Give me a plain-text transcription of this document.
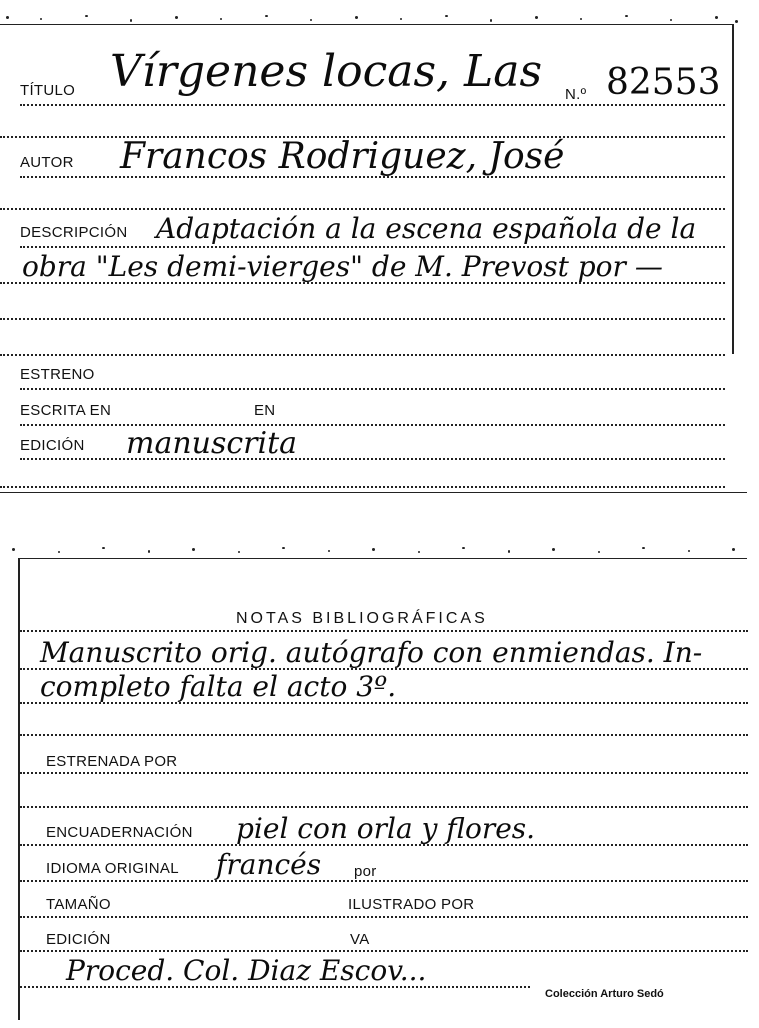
TÍTULO Vírgenes locas, Las N.º 82553
AUTOR Francos Rodriguez, José
DESCRIPCIÓN Adaptación a la escena española de la
obra "Les demi-vierges" de M. Prevost por —
ESTRENO
ESCRITA EN	EN
EDICIÓN manuscrita
NOTAS BIBLIOGRÁFICAS
Manuscrito orig. autógrafo con enmiendas. In-
completo falta el acto 3º.
ESTRENADA POR
ENCUADERNACIÓN piel con orla y flores.
IDIOMA ORIGINAL francés por
TAMAÑO	ILUSTRADO POR
EDICIÓN	VA
Proced. Col. Diaz Escov...
Colección Arturo Sedó
